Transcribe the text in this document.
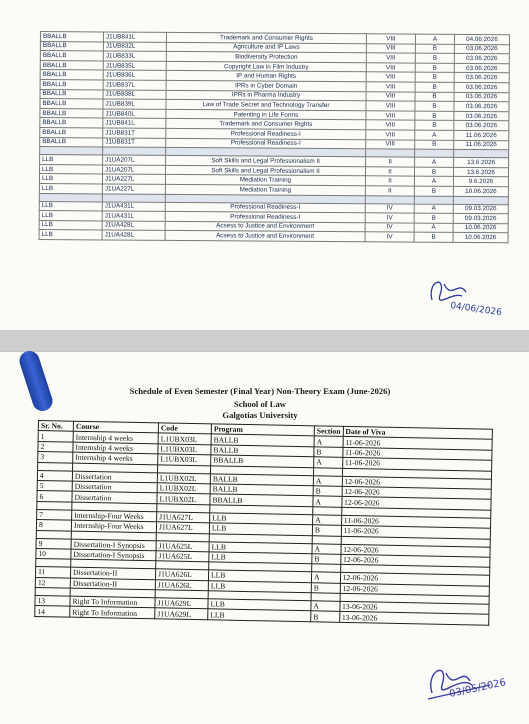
BBALLB	J1UB841L	Trademark and Consumer Rights	VIII	A	04.06.2026
BBALLB	J1UB832L	Agriculture and IP Laws	VIII	B	03.06.2026
BBALLB	J1UB833L	Biodiversity Protection	VIII	B	03.06.2026
BBALLB	J1UB835L	Copyright Law in Film Industry	VIII	B	03.06.2026
BBALLB	J1UB836L	IP and Human Rights	VIII	B	03.06.2026
BBALLB	J1UB837L	IPRs in Cyber Domain	VIII	B	03.06.2026
BBALLB	J1UB838L	IPRs in Pharma Industry	VIII	B	03.06.2026
BBALLB	J1UB839L	Law of Trade Secret and Technology Transfer	VIII	B	03.06.2026
BBALLB	J1UB840L	Patenting in Life Forms	VIII	B	03.06.2026
BBALLB	J1UB841L	Trademark and Consumer Rights	VIII	B	03.06.2026
BBALLB	J1UB831T	Professional Readiness-I	VIII	A	11.06.2026
BBALLB	J1UB831T	Professional Readiness-I	VIII	B	11.06.2026

LLB	J1UA207L	Soft Skills and Legal Professionalism II	II	A	13.6.2026
LLB	J1UA207L	Soft Skills and Legal Professionalism II	II	B	13.6.2026
LLB	J1UA227L	Mediation Training	II	A	9.6.2026
LLB	J1UA227L	Mediation Training	II	B	10.06.2026

LLB	J1UA431L	Professional Readiness-I	IV	A	09.03.2026
LLB	J1UA431L	Professional Readiness-I	IV	B	09.03.2026
LLB	J1UA428L	Acsess to Justice and Environment	IV	A	10.06.2026
LLB	J1UA428L	Acsess to Justice and Environment	IV	B	10.06.2026
04/06/2026
Schedule of Even Semester (Final Year) Non-Theory Exam (June-2026)
School of Law
Galgotias University
Sr. No.	Course	Code	Program	Section	Date of Viva
1	Internship 4 weeks	L1UBX03L	BALLB	A	11-06-2026
2	Internship 4 weeks	L1UBX03L	BALLB	B	11-06-2026
3	Internship 4 weeks	L1UBX03L	BBALLB	A	11-06-2026

4	Dissertation	L1UBX02L	BALLB	A	12-06-2026
5	Dissertation	L1UBX02L	BALLB	B	12-06-2026
6	Dissertation	L1UBX02L	BBALLB	A	12-06-2026

7	Internship-Four Weeks	J1UA627L	LLB	A	11-06-2026
8	Internship-Four Weeks	J1UA627L	LLB	B	11-06-2026

9	Dissertation-I Synopsis	J1UA625L	LLB	A	12-06-2026
10	Dissertation-I Synopsis	J1UA625L	LLB	B	12-06-2026

11	Dissertation-II	J1UA626L	LLB	A	12-06-2026
12	Dissertation-II	J1UA626L	LLB	B	12-06-2026

13	Right To Information	J1UA629L	LLB	A	13-06-2026
14	Right To Information	J1UA629L	LLB	B	13-06-2026
03/05/2026
